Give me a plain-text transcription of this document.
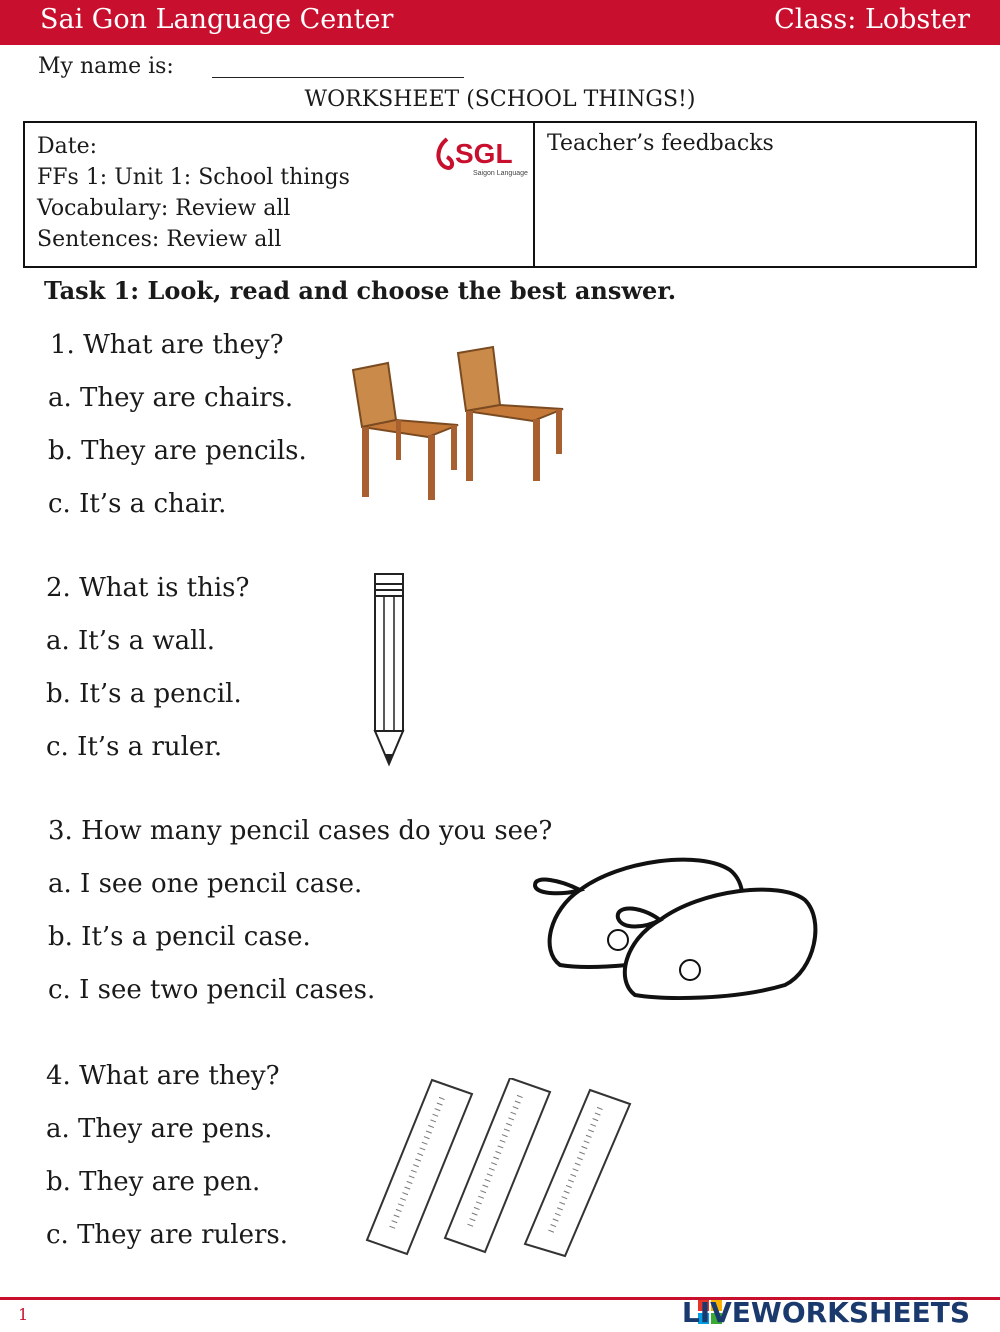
Sai Gon Language Center	Class: Lobster
My name is:
WORKSHEET (SCHOOL THINGS!)
Date:
FFs 1: Unit 1: School things
Vocabulary: Review all
Sentences: Review all
SGL
Saigon Language
Teacher’s feedbacks
Task 1: Look, read and choose the best answer.
1. What are they?
a. They are chairs.
b. They are pencils.
c. It’s a chair.
2. What is this?
a. It’s a wall.
b. It’s a pencil.
c. It’s a ruler.
3. How many pencil cases do you see?
a. I see one pencil case.
b. It’s a pencil case.
c. I see two pencil cases.
4. What are they?
a. They are pens.
b. They are pen.
c. They are rulers.
1	LIVEWORKSHEETS
